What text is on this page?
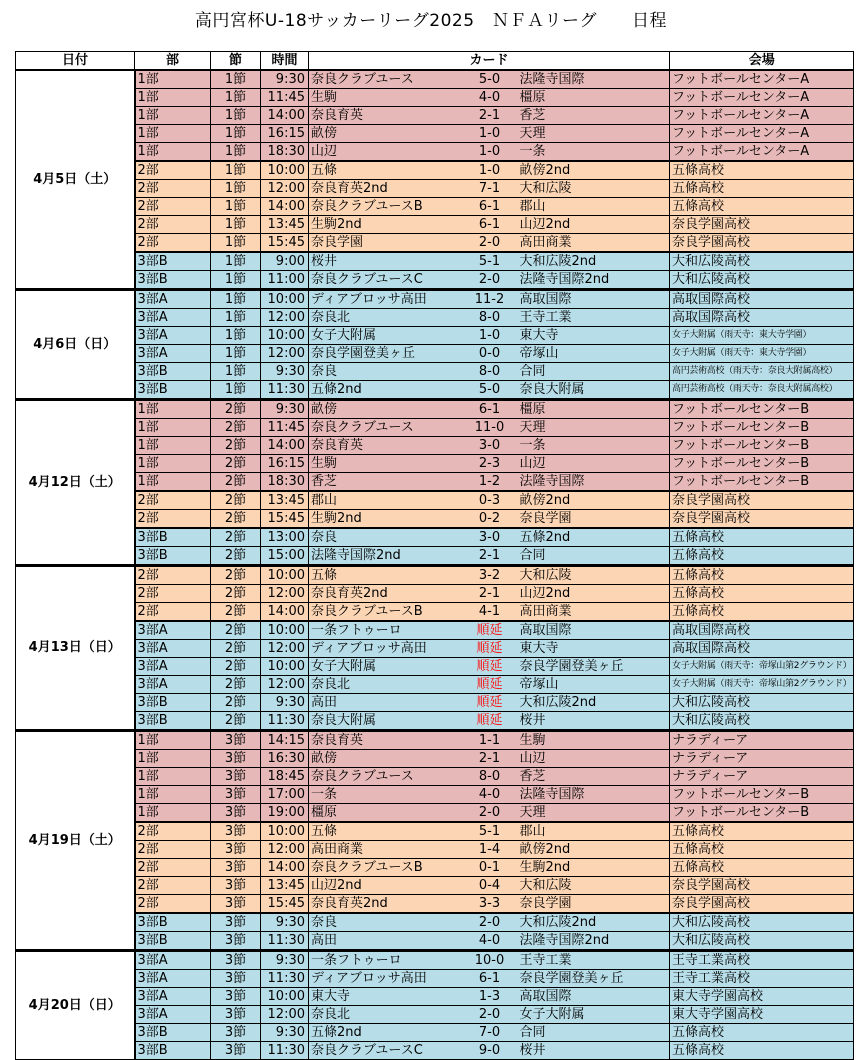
高円宮杯U-18サッカーリーグ2025　ＮＦＡリーグ　　日程
日付	部	節	時間	カード			会場
4月5日（土）	1部	1節	9:30	奈良クラブユース	5-0	法隆寺国際	フットボールセンターA
	1部	1節	11:45	生駒	4-0	橿原	フットボールセンターA
	1部	1節	14:00	奈良育英	2-1	香芝	フットボールセンターA
	1部	1節	16:15	畝傍	1-0	天理	フットボールセンターA
	1部	1節	18:30	山辺	1-0	一条	フットボールセンターA
	2部	1節	10:00	五條	1-0	畝傍2nd	五條高校
	2部	1節	12:00	奈良育英2nd	7-1	大和広陵	五條高校
	2部	1節	14:00	奈良クラブユースB	6-1	郡山	五條高校
	2部	1節	13:45	生駒2nd	6-1	山辺2nd	奈良学園高校
	2部	1節	15:45	奈良学園	2-0	高田商業	奈良学園高校
	3部B	1節	9:00	桜井	5-1	大和広陵2nd	大和広陵高校
	3部B	1節	11:00	奈良クラブユースC	2-0	法隆寺国際2nd	大和広陵高校
4月6日（日）	3部A	1節	10:00	ディアブロッサ高田	11-2	高取国際	高取国際高校
	3部A	1節	12:00	奈良北	8-0	王寺工業	高取国際高校
	3部A	1節	10:00	女子大附属	1-0	東大寺	女子大附属（雨天寺：東大寺学園）
	3部A	1節	12:00	奈良学園登美ヶ丘	0-0	帝塚山	女子大附属（雨天寺：東大寺学園）
	3部B	1節	9:30	奈良	8-0	合同	高円芸術高校（雨天寺：奈良大附属高校）
	3部B	1節	11:30	五條2nd	5-0	奈良大附属	高円芸術高校（雨天寺：奈良大附属高校）
4月12日（土）	1部	2節	9:30	畝傍	6-1	橿原	フットボールセンターB
	1部	2節	11:45	奈良クラブユース	11-0	天理	フットボールセンターB
	1部	2節	14:00	奈良育英	3-0	一条	フットボールセンターB
	1部	2節	16:15	生駒	2-3	山辺	フットボールセンターB
	1部	2節	18:30	香芝	1-2	法隆寺国際	フットボールセンターB
	2部	2節	13:45	郡山	0-3	畝傍2nd	奈良学園高校
	2部	2節	15:45	生駒2nd	0-2	奈良学園	奈良学園高校
	3部B	2節	13:00	奈良	3-0	五條2nd	五條高校
	3部B	2節	15:00	法隆寺国際2nd	2-1	合同	五條高校
4月13日（日）	2部	2節	10:00	五條	3-2	大和広陵	五條高校
	2部	2節	12:00	奈良育英2nd	2-1	山辺2nd	五條高校
	2部	2節	14:00	奈良クラブユースB	4-1	高田商業	五條高校
	3部A	2節	10:00	一条フトゥーロ	順延	高取国際	高取国際高校
	3部A	2節	12:00	ディアブロッサ高田	順延	東大寺	高取国際高校
	3部A	2節	10:00	女子大附属	順延	奈良学園登美ヶ丘	女子大附属（雨天寺：帝塚山第2グラウンド）
	3部A	2節	12:00	奈良北	順延	帝塚山	女子大附属（雨天寺：帝塚山第2グラウンド）
	3部B	2節	9:30	高田	順延	大和広陵2nd	大和広陵高校
	3部B	2節	11:30	奈良大附属	順延	桜井	大和広陵高校
4月19日（土）	1部	3節	14:15	奈良育英	1-1	生駒	ナラディーア
	1部	3節	16:30	畝傍	2-1	山辺	ナラディーア
	1部	3節	18:45	奈良クラブユース	8-0	香芝	ナラディーア
	1部	3節	17:00	一条	4-0	法隆寺国際	フットボールセンターB
	1部	3節	19:00	橿原	2-0	天理	フットボールセンターB
	2部	3節	10:00	五條	5-1	郡山	五條高校
	2部	3節	12:00	高田商業	1-4	畝傍2nd	五條高校
	2部	3節	14:00	奈良クラブユースB	0-1	生駒2nd	五條高校
	2部	3節	13:45	山辺2nd	0-4	大和広陵	奈良学園高校
	2部	3節	15:45	奈良育英2nd	3-3	奈良学園	奈良学園高校
	3部B	3節	9:30	奈良	2-0	大和広陵2nd	大和広陵高校
	3部B	3節	11:30	高田	4-0	法隆寺国際2nd	大和広陵高校
4月20日（日）	3部A	3節	9:30	一条フトゥーロ	10-0	王寺工業	王寺工業高校
	3部A	3節	11:30	ディアブロッサ高田	6-1	奈良学園登美ヶ丘	王寺工業高校
	3部A	3節	10:00	東大寺	1-3	高取国際	東大寺学園高校
	3部A	3節	12:00	奈良北	2-0	女子大附属	東大寺学園高校
	3部B	3節	9:30	五條2nd	7-0	合同	五條高校
	3部B	3節	11:30	奈良クラブユースC	9-0	桜井	五條高校
